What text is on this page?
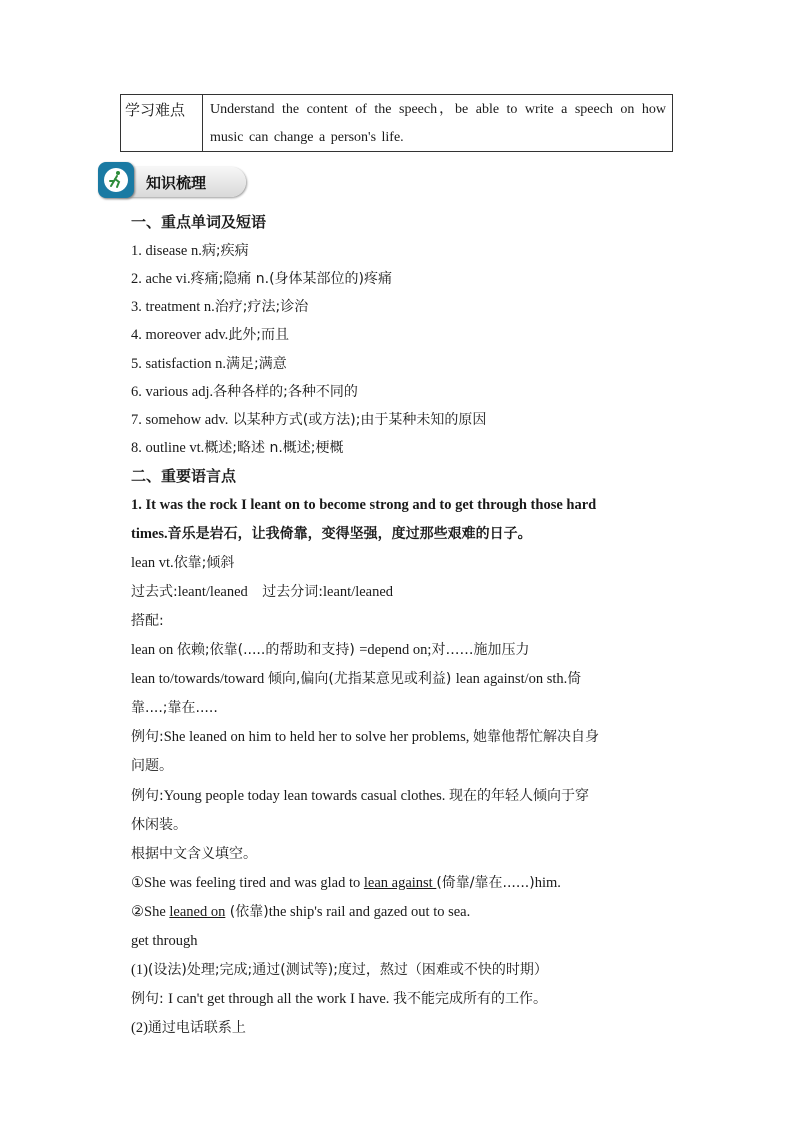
学习难点	Understand the content of the speech，be able to write a speech on how music can change a person's life.
知识梳理
一、重点单词及短语
1. disease n.病;疾病
2. ache vi.疼痛;隐痛 n.(身体某部位的)疼痛
3. treatment n.治疗;疗法;诊治
4. moreover adv.此外;而且
5. satisfaction n.满足;满意
6. various adj.各种各样的;各种不同的
7. somehow adv. 以某种方式(或方法);由于某种未知的原因
8. outline vt.概述;略述 n.概述;梗概
二、重要语言点
1. It was the rock I leant on to become strong and to get through those hard
times.音乐是岩石，让我倚靠，变得坚强，度过那些艰难的日子。
lean vt.依靠;倾斜
过去式:leant/leaned 过去分词:leant/leaned
搭配:
lean on 依赖;依靠(.....的帮助和支持) =depend on;对……施加压力
lean to/towards/toward 倾向,偏向(尤指某意见或利益) lean against/on sth.倚
靠....;靠在.....
例句:She leaned on him to held her to solve her problems, 她靠他帮忙解决自身
问题。
例句:Young people today lean towards casual clothes. 现在的年轻人倾向于穿
休闲装。
根据中文含义填空。
①She was feeling tired and was glad to lean against (倚靠/靠在......)him.
②She leaned on (依靠)the ship's rail and gazed out to sea.
get through
(1)(设法)处理;完成;通过(测试等);度过，熬过（困难或不快的时期）
例句: I can't get through all the work I have. 我不能完成所有的工作。
(2)通过电话联系上
